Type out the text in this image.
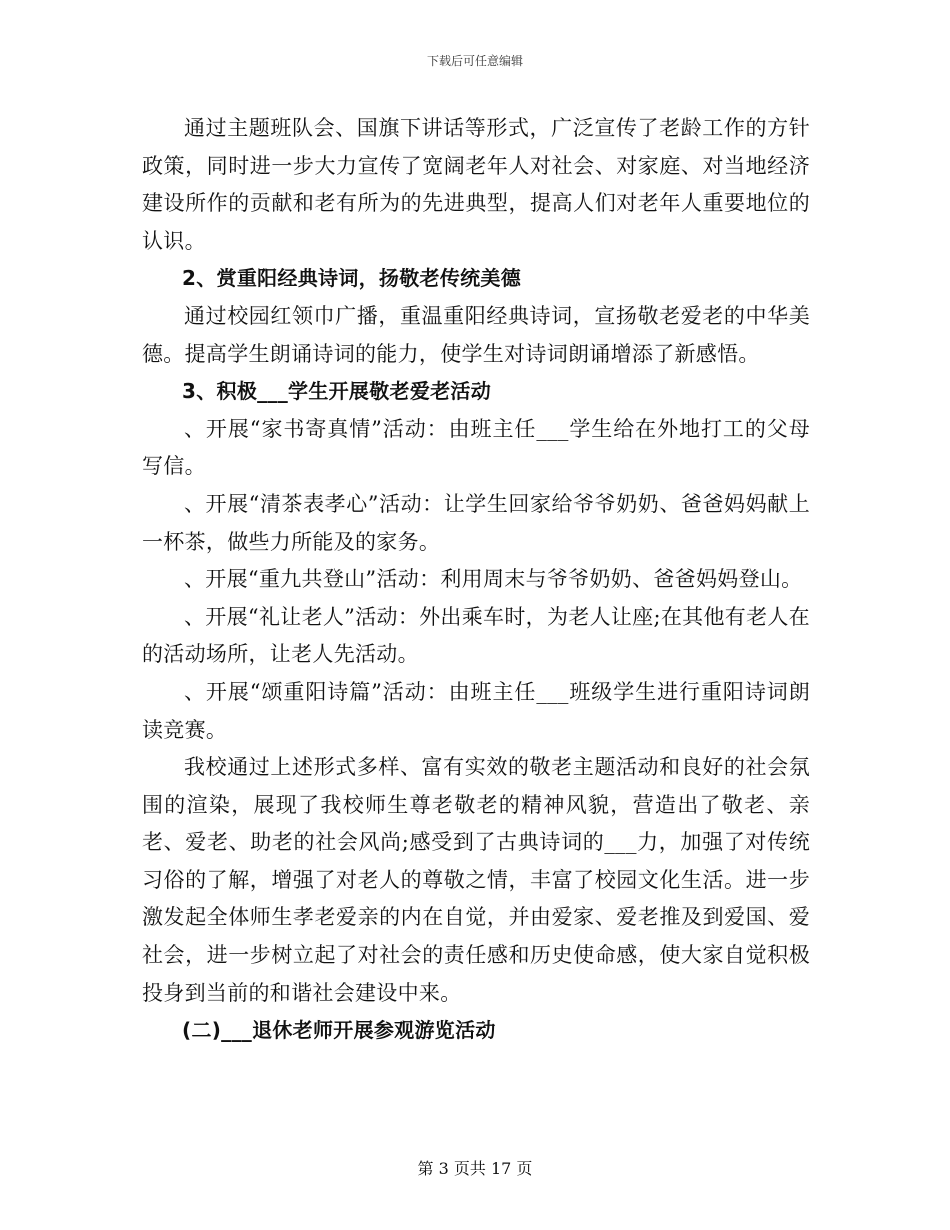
下载后可任意编辑

通过主题班队会、国旗下讲话等形式，广泛宣传了老龄工作的方针政策，同时进一步大力宣传了宽阔老年人对社会、对家庭、对当地经济建设所作的贡献和老有所为的先进典型，提高人们对老年人重要地位的认识。

2、赏重阳经典诗词，扬敬老传统美德

通过校园红领巾广播，重温重阳经典诗词，宣扬敬老爱老的中华美德。提高学生朗诵诗词的能力，使学生对诗词朗诵增添了新感悟。

3、积极___学生开展敬老爱老活动

、开展“家书寄真情”活动：由班主任___学生给在外地打工的父母写信。

、开展“清茶表孝心”活动：让学生回家给爷爷奶奶、爸爸妈妈献上一杯茶，做些力所能及的家务。

、开展“重九共登山”活动：利用周末与爷爷奶奶、爸爸妈妈登山。

、开展“礼让老人”活动：外出乘车时，为老人让座;在其他有老人在的活动场所，让老人先活动。

、开展“颂重阳诗篇”活动：由班主任___班级学生进行重阳诗词朗读竞赛。

我校通过上述形式多样、富有实效的敬老主题活动和良好的社会氛围的渲染，展现了我校师生尊老敬老的精神风貌，营造出了敬老、亲老、爱老、助老的社会风尚;感受到了古典诗词的___力，加强了对传统习俗的了解，增强了对老人的尊敬之情，丰富了校园文化生活。进一步激发起全体师生孝老爱亲的内在自觉，并由爱家、爱老推及到爱国、爱社会，进一步树立起了对社会的责任感和历史使命感，使大家自觉积极投身到当前的和谐社会建设中来。

(二)___退休老师开展参观游览活动

第 3 页共 17 页
